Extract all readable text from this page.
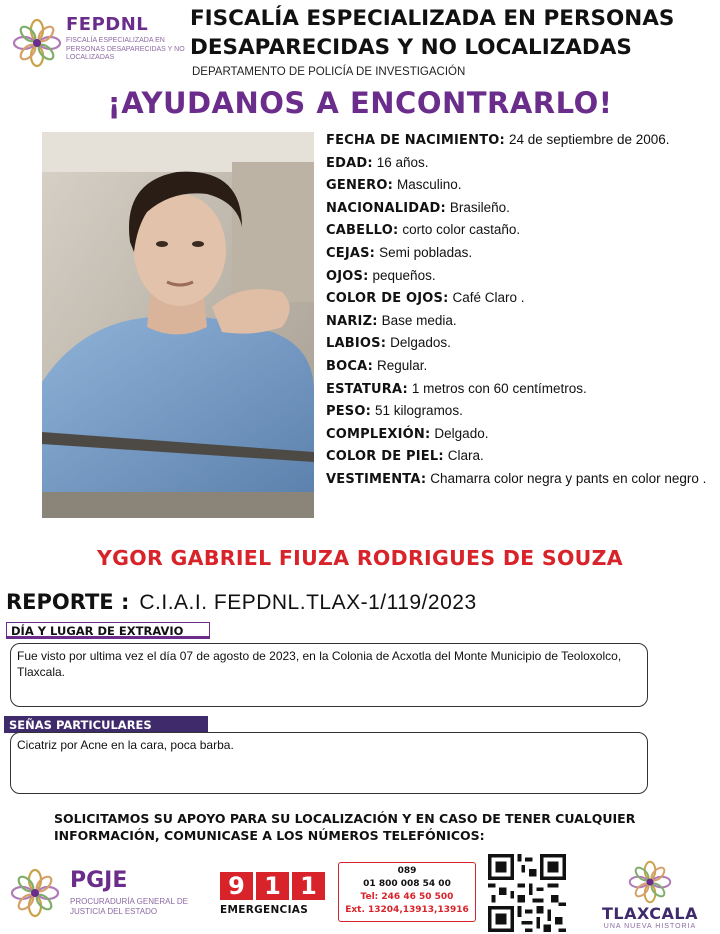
FEPDNL
FISCALÍA ESPECIALIZADA EN PERSONAS DESAPARECIDAS Y NO LOCALIZADAS
FISCALÍA ESPECIALIZADA EN PERSONAS
DESAPARECIDAS Y NO LOCALIZADAS
DEPARTAMENTO DE POLICÍA DE INVESTIGACIÓN
¡AYUDANOS A ENCONTRARLO!
FECHA DE NACIMIENTO: 24 de septiembre de 2006.
EDAD: 16 años.
GENERO: Masculino.
NACIONALIDAD: Brasileño.
CABELLO: corto color castaño.
CEJAS: Semi pobladas.
OJOS: pequeños.
COLOR DE OJOS: Café Claro .
NARIZ: Base media.
LABIOS: Delgados.
BOCA: Regular.
ESTATURA: 1 metros con 60 centímetros.
PESO: 51 kilogramos.
COMPLEXIÓN: Delgado.
COLOR DE PIEL: Clara.
VESTIMENTA: Chamarra color negra y pants en color negro .
YGOR GABRIEL FIUZA RODRIGUES DE SOUZA
REPORTE : C.I.A.I. FEPDNL.TLAX-1/119/2023
DÍA Y LUGAR DE EXTRAVIO
Fue visto por ultima vez el día 07 de agosto de 2023, en la Colonia de Acxotla del Monte Municipio de Teoloxolco, Tlaxcala.
SEÑAS PARTICULARES
Cicatriz por Acne en la cara, poca barba.
SOLICITAMOS SU APOYO PARA SU LOCALIZACIÓN Y EN CASO DE TENER CUALQUIER INFORMACIÓN, COMUNICASE A LOS NÚMEROS TELEFÓNICOS:
PGJE
PROCURADURÍA GENERAL DE JUSTICIA DEL ESTADO
9 1 1
EMERGENCIAS
089
01 800 008 54 00
Tel: 246 46 50 500
Ext. 13204,13913,13916	TLAXCALA
UNA NUEVA HISTORIA
